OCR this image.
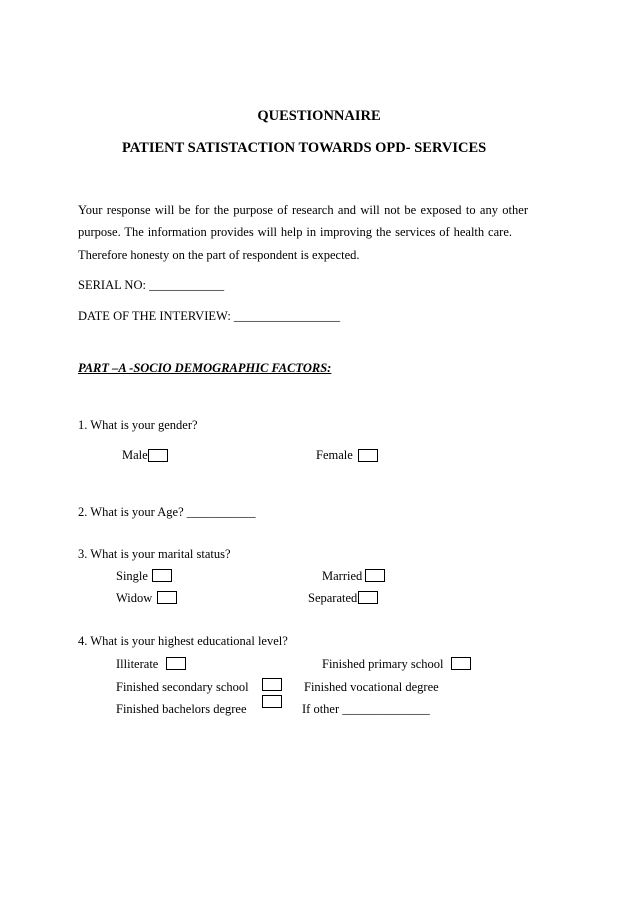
QUESTIONNAIRE
PATIENT SATISTACTION TOWARDS OPD- SERVICES
Your response will be for the purpose of research and will not be exposed to any other
purpose. The information provides will help in improving the services of health care.
Therefore honesty on the part of respondent is expected.
SERIAL NO: ____________
DATE OF THE INTERVIEW: _________________
PART –A -SOCIO DEMOGRAPHIC FACTORS:
1. What is your gender?
Male	Female
2. What is your Age? ___________
3. What is your marital status?
Single	Married
Widow	Separated
4. What is your highest educational level?
Illiterate	Finished primary school
Finished secondary school	Finished vocational degree
Finished bachelors degree	If other ______________
